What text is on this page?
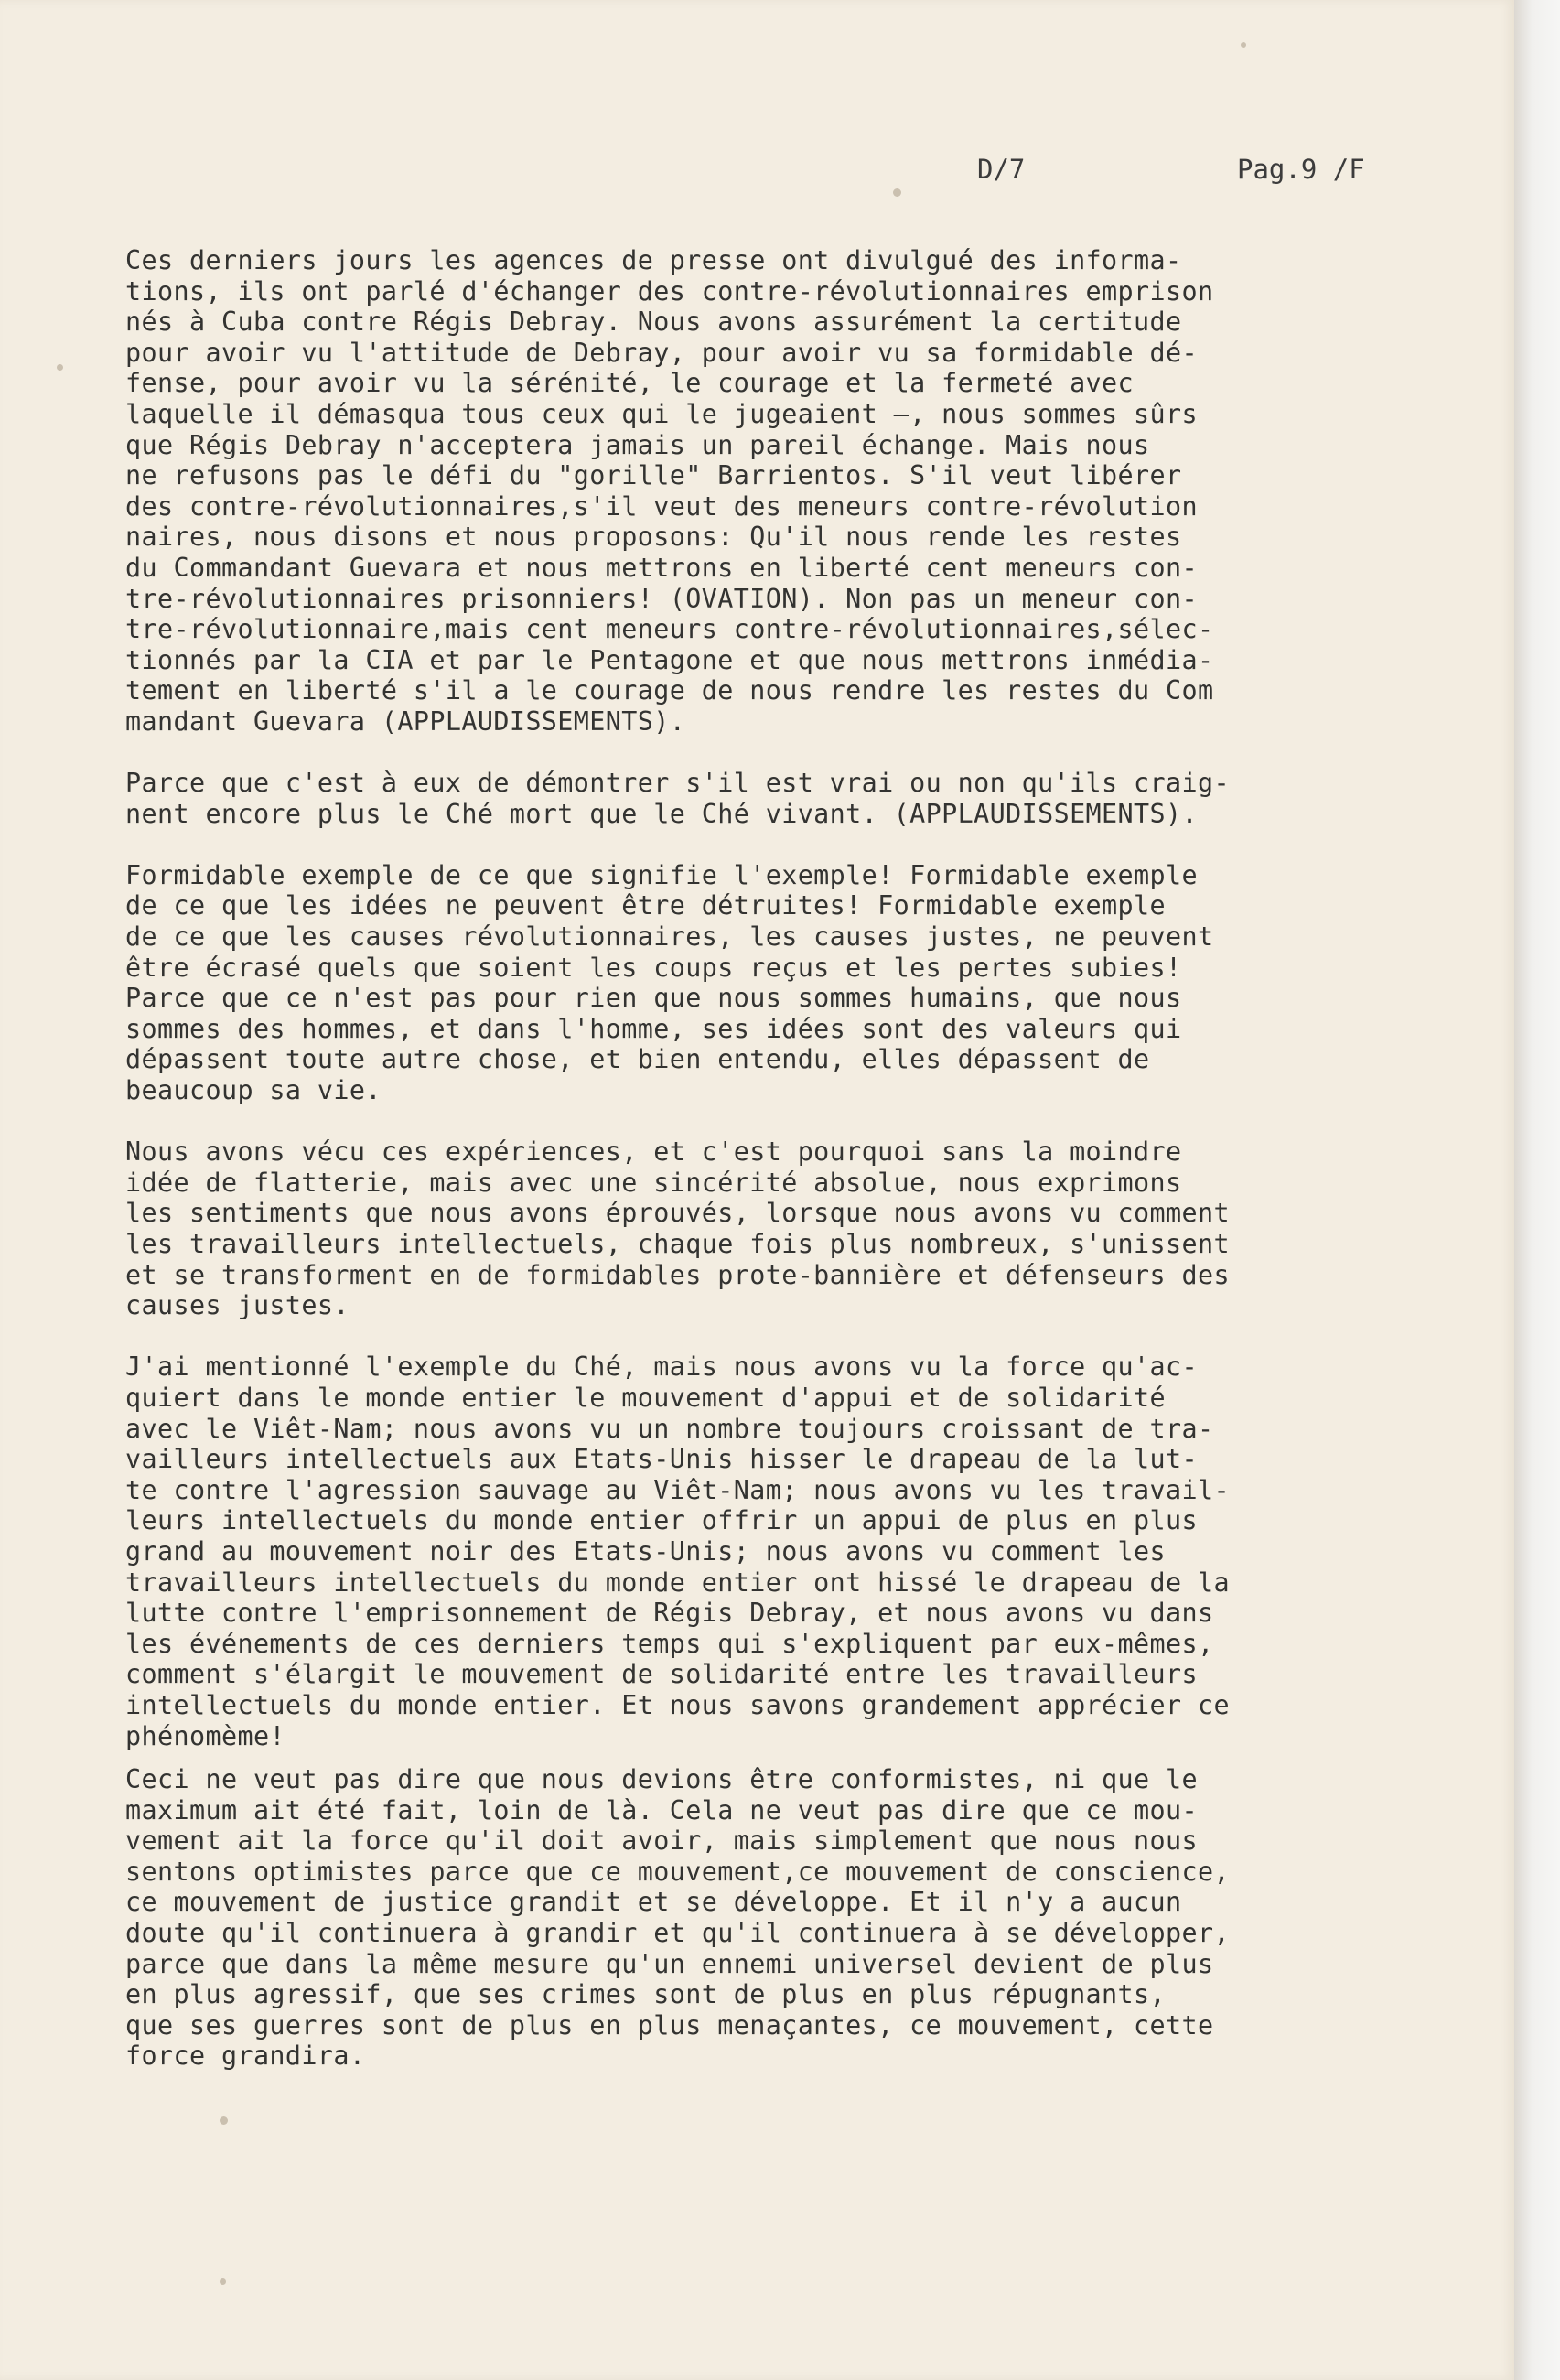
D/7	Pag.9 /F

Ces derniers jours les agences de presse ont divulgué des informa-
tions, ils ont parlé d'échanger des contre-révolutionnaires emprison
nés à Cuba contre Régis Debray. Nous avons assurément la certitude
pour avoir vu l'attitude de Debray, pour avoir vu sa formidable dé-
fense, pour avoir vu la sérénité, le courage et la fermeté avec
laquelle il démasqua tous ceux qui le jugeaient —, nous sommes sûrs
que Régis Debray n'acceptera jamais un pareil échange. Mais nous
ne refusons pas le défi du "gorille" Barrientos. S'il veut libérer
des contre-révolutionnaires,s'il veut des meneurs contre-révolution
naires, nous disons et nous proposons: Qu'il nous rende les restes
du Commandant Guevara et nous mettrons en liberté cent meneurs con-
tre-révolutionnaires prisonniers! (OVATION). Non pas un meneur con-
tre-révolutionnaire,mais cent meneurs contre-révolutionnaires,sélec-
tionnés par la CIA et par le Pentagone et que nous mettrons inmédia-
tement en liberté s'il a le courage de nous rendre les restes du Com
mandant Guevara (APPLAUDISSEMENTS).

Parce que c'est à eux de démontrer s'il est vrai ou non qu'ils craig-
nent encore plus le Ché mort que le Ché vivant. (APPLAUDISSEMENTS).

Formidable exemple de ce que signifie l'exemple! Formidable exemple
de ce que les idées ne peuvent être détruites! Formidable exemple
de ce que les causes révolutionnaires, les causes justes, ne peuvent
être écrasé quels que soient les coups reçus et les pertes subies!
Parce que ce n'est pas pour rien que nous sommes humains, que nous
sommes des hommes, et dans l'homme, ses idées sont des valeurs qui
dépassent toute autre chose, et bien entendu, elles dépassent de
beaucoup sa vie.

Nous avons vécu ces expériences, et c'est pourquoi sans la moindre
idée de flatterie, mais avec une sincérité absolue, nous exprimons
les sentiments que nous avons éprouvés, lorsque nous avons vu comment
les travailleurs intellectuels, chaque fois plus nombreux, s'unissent
et se transforment en de formidables prote-bannière et défenseurs des
causes justes.

J'ai mentionné l'exemple du Ché, mais nous avons vu la force qu'ac-
quiert dans le monde entier le mouvement d'appui et de solidarité
avec le Viêt-Nam; nous avons vu un nombre toujours croissant de tra-
vailleurs intellectuels aux Etats-Unis hisser le drapeau de la lut-
te contre l'agression sauvage au Viêt-Nam; nous avons vu les travail-
leurs intellectuels du monde entier offrir un appui de plus en plus
grand au mouvement noir des Etats-Unis; nous avons vu comment les
travailleurs intellectuels du monde entier ont hissé le drapeau de la
lutte contre l'emprisonnement de Régis Debray, et nous avons vu dans
les événements de ces derniers temps qui s'expliquent par eux-mêmes,
comment s'élargit le mouvement de solidarité entre les travailleurs
intellectuels du monde entier. Et nous savons grandement apprécier ce
phénomème!

Ceci ne veut pas dire que nous devions être conformistes, ni que le
maximum ait été fait, loin de là. Cela ne veut pas dire que ce mou-
vement ait la force qu'il doit avoir, mais simplement que nous nous
sentons optimistes parce que ce mouvement,ce mouvement de conscience,
ce mouvement de justice grandit et se développe. Et il n'y a aucun
doute qu'il continuera à grandir et qu'il continuera à se développer,
parce que dans la même mesure qu'un ennemi universel devient de plus
en plus agressif, que ses crimes sont de plus en plus répugnants,
que ses guerres sont de plus en plus menaçantes, ce mouvement, cette
force grandira.
